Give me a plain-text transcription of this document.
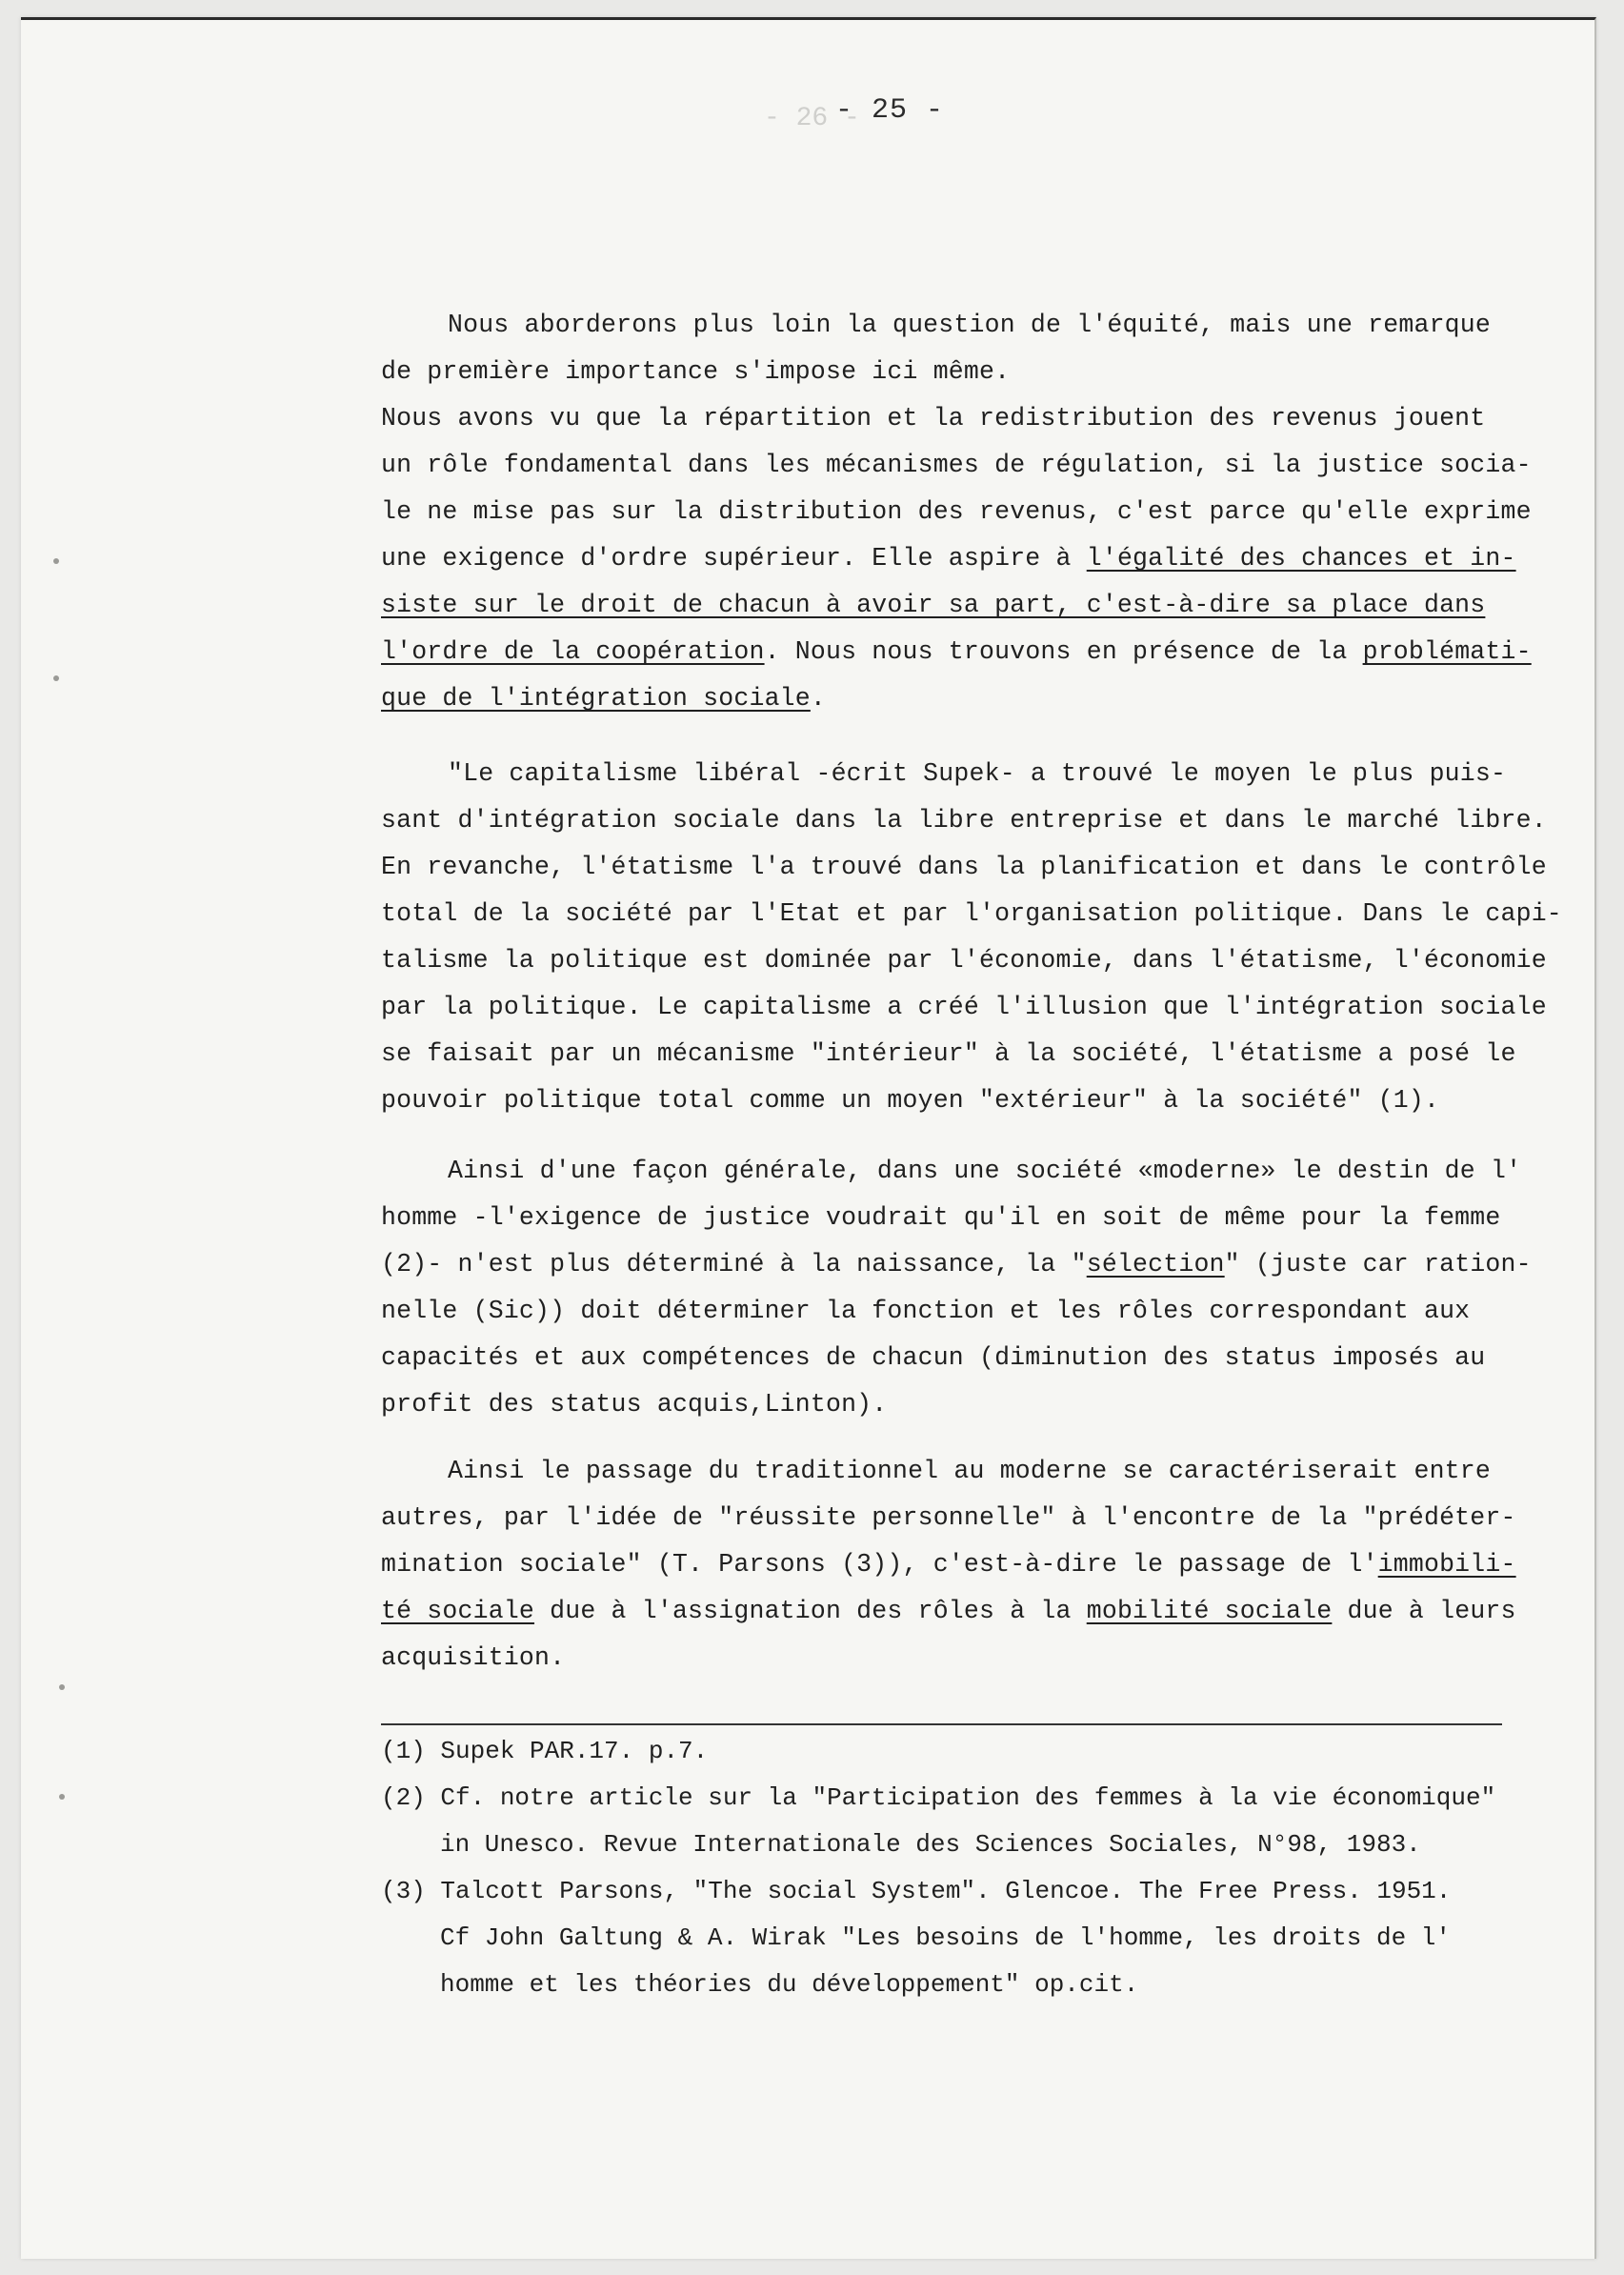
- 26 -
- 25 -
Nous aborderons plus loin la question de l'équité, mais une remarque
de première importance s'impose ici même.
Nous avons vu que la répartition et la redistribution des revenus jouent
un rôle fondamental dans les mécanismes de régulation, si la justice socia-
le ne mise pas sur la distribution des revenus, c'est parce qu'elle exprime
une exigence d'ordre supérieur. Elle aspire à l'égalité des chances et in-
siste sur le droit de chacun à avoir sa part, c'est-à-dire sa place dans
l'ordre de la coopération. Nous nous trouvons en présence de la problémati-
que de l'intégration sociale.
"Le capitalisme libéral -écrit Supek- a trouvé le moyen le plus puis-
sant d'intégration sociale dans la libre entreprise et dans le marché libre.
En revanche, l'étatisme l'a trouvé dans la planification et dans le contrôle
total de la société par l'Etat et par l'organisation politique. Dans le capi-
talisme la politique est dominée par l'économie, dans l'étatisme, l'économie
par la politique. Le capitalisme a créé l'illusion que l'intégration sociale
se faisait par un mécanisme "intérieur" à la société, l'étatisme a posé le
pouvoir politique total comme un moyen "extérieur" à la société" (1).
Ainsi d'une façon générale, dans une société «moderne» le destin de l'
homme -l'exigence de justice voudrait qu'il en soit de même pour la femme
(2)- n'est plus déterminé à la naissance, la "sélection" (juste car ration-
nelle (Sic)) doit déterminer la fonction et les rôles correspondant aux
capacités et aux compétences de chacun (diminution des status imposés au
profit des status acquis,Linton).
Ainsi le passage du traditionnel au moderne se caractériserait entre
autres, par l'idée de "réussite personnelle" à l'encontre de la "prédéter-
mination sociale" (T. Parsons (3)), c'est-à-dire le passage de l'immobili-
té sociale due à l'assignation des rôles à la mobilité sociale due à leurs
acquisition.
(1) Supek PAR.17. p.7.
(2) Cf. notre article sur la "Participation des femmes à la vie économique"
in Unesco. Revue Internationale des Sciences Sociales, N°98, 1983.
(3) Talcott Parsons, "The social System". Glencoe. The Free Press. 1951.
Cf John Galtung & A. Wirak "Les besoins de l'homme, les droits de l'
homme et les théories du développement" op.cit.
